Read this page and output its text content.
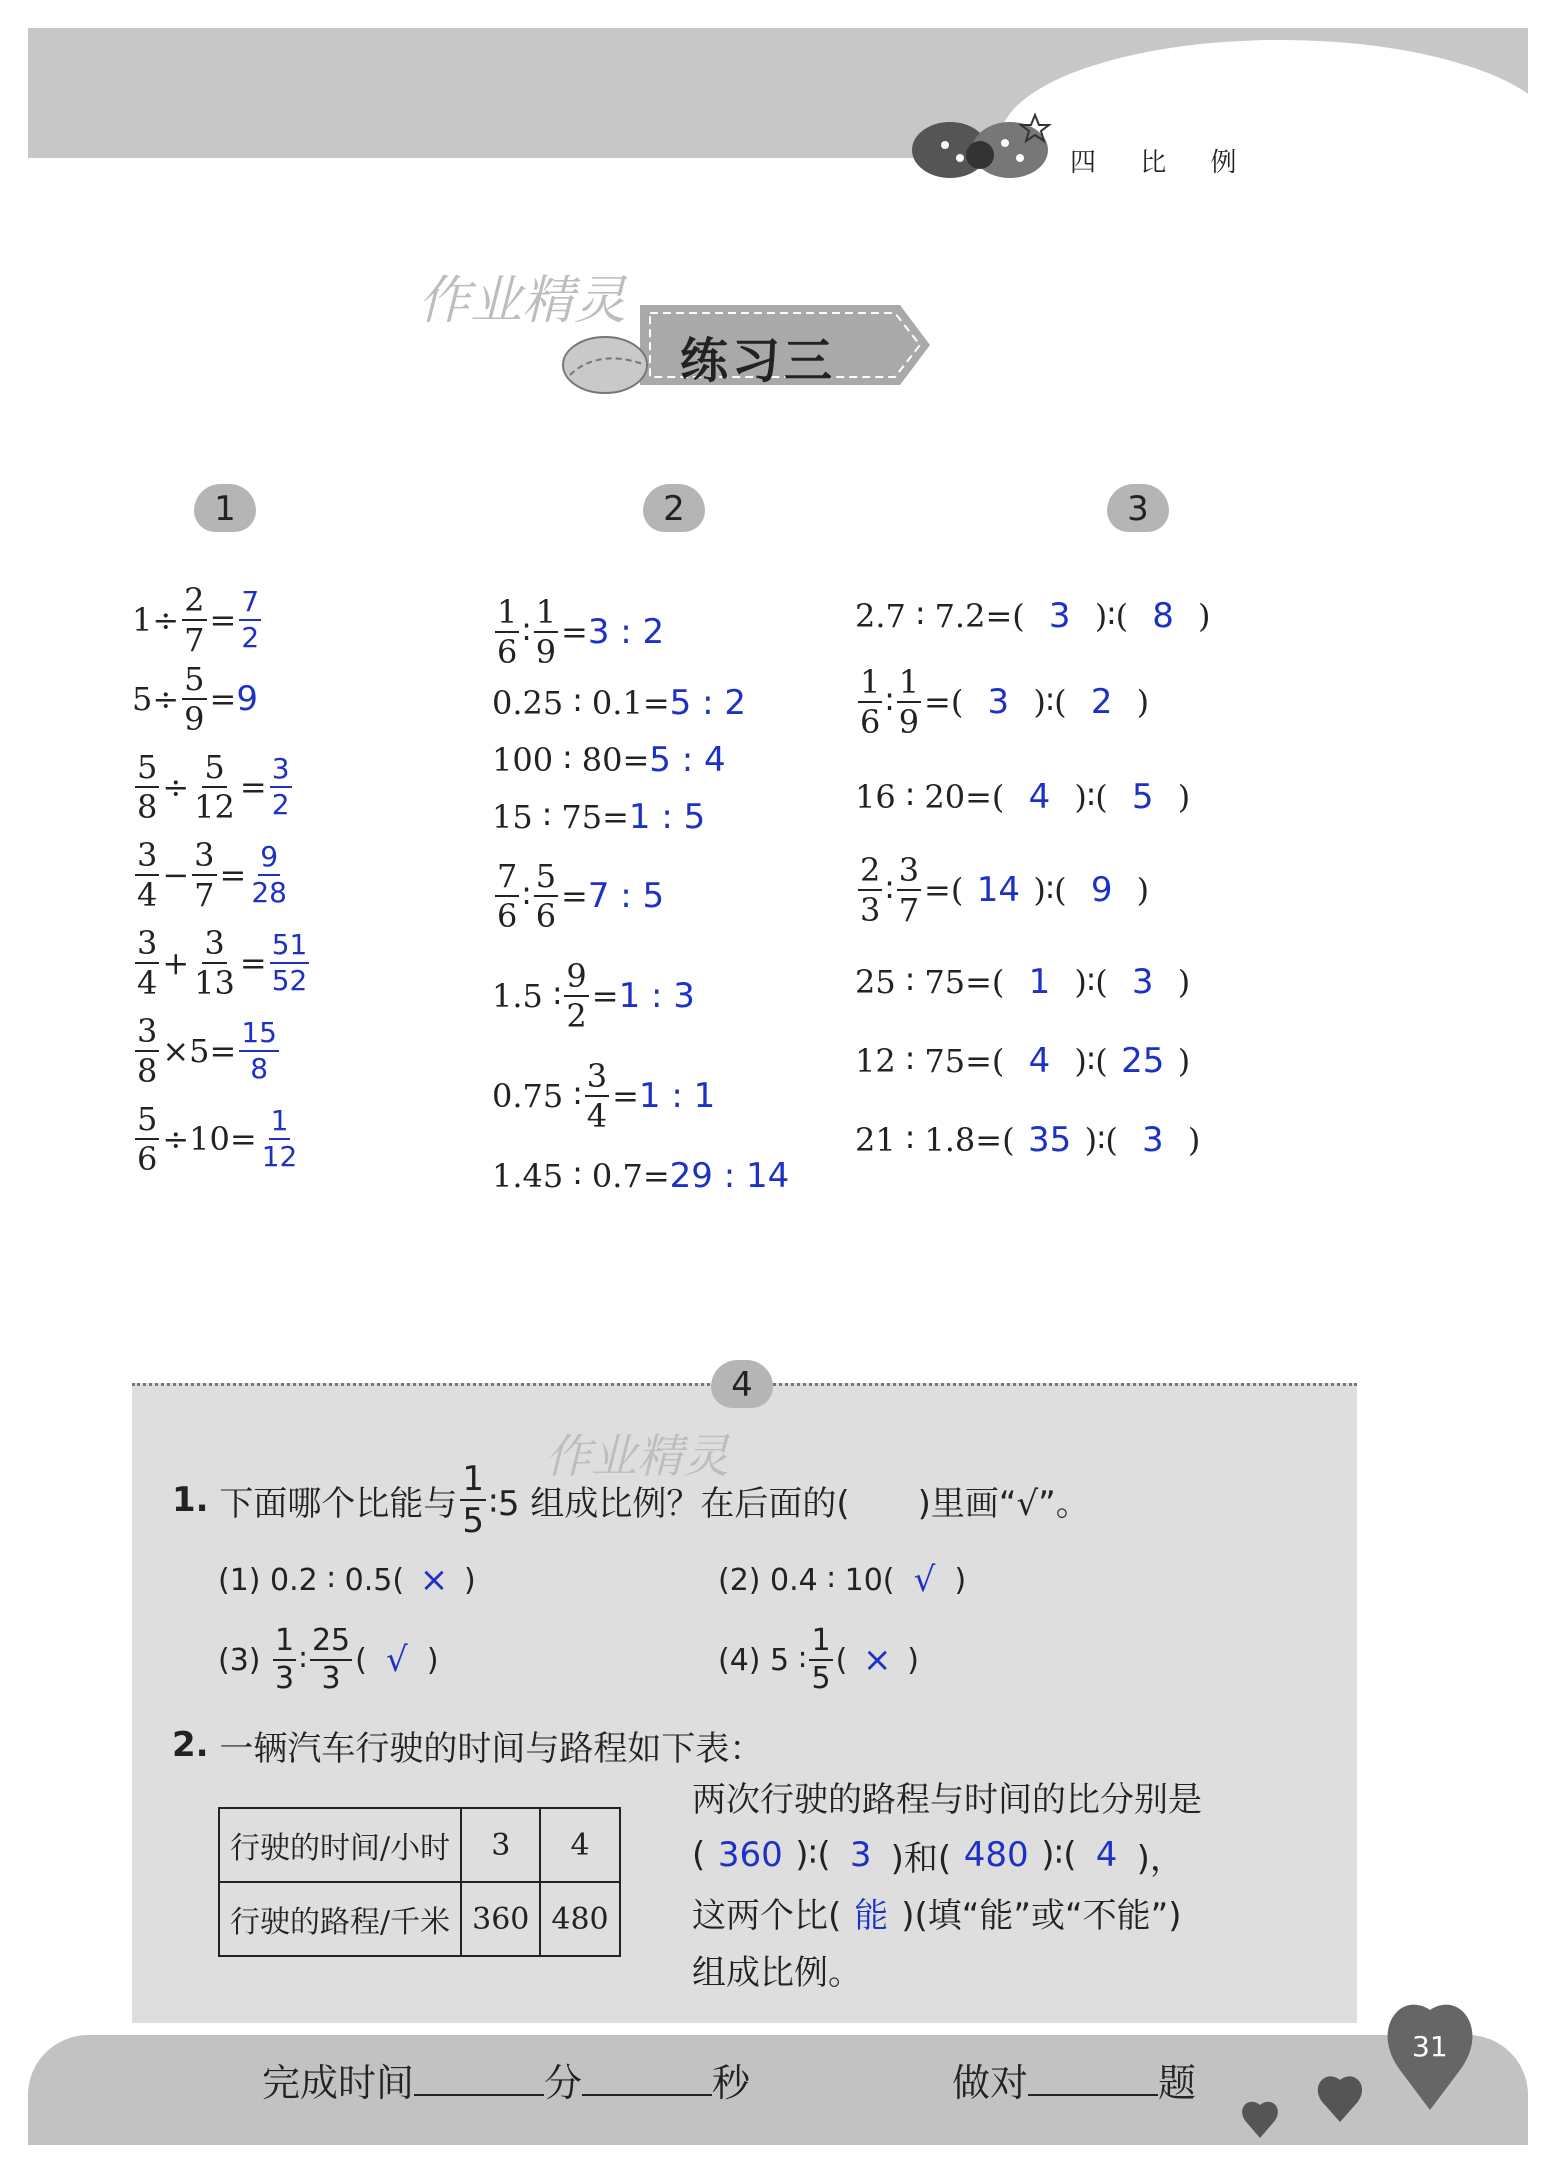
四 比 例
作业精灵
练习三
1	2	3
$1\div \frac{2}{7} = \frac{7}{2}$
$5\div \frac{5}{9} = 9$
$\frac{5}{8} \div \frac{5}{12} = \frac{3}{2}$
$\frac{3}{4} - \frac{3}{7} = \frac{9}{28}$
$\frac{3}{4} + \frac{3}{13} = \frac{51}{52}$
$\frac{3}{8} \times 5 = \frac{15}{8}$
$\frac{5}{6} \div 10 = \frac{1}{12}$
$\frac{1}{6}$ ∶ $\frac{1}{9} = 3$ : 2
0.25 ∶ 0.1 = 5 : 2
100 ∶ 80 = 5 : 4
15 ∶ 75 = 1 : 5
$\frac{7}{6}$ ∶ $\frac{5}{6} = 7$ : 5
1.5 ∶ $\frac{9}{2} = 1$ : 3
0.75 ∶ $\frac{3}{4} = 1$ : 1
1.45 ∶ 0.7 = 29 : 14
2.7 ∶ 7.2 =( 3 )∶( 8 )
$\frac{1}{6}$ ∶ $\frac{1}{9}$ =( 3 )∶( 2 )
16 ∶ 20 =( 4 )∶( 5 )
$\frac{2}{3}$ ∶ $\frac{3}{7}$ =( 14 )∶( 9 )
25 ∶ 75 =( 1 )∶( 3 )
12 ∶ 75 =( 4 )∶( 25 )
21 ∶ 1.8 =( 35 )∶( 3 )
4
作业精灵
1.
下面哪个比能与 $\frac{1}{5}$ ∶5 组成比例？在后面的(　　)里画“√”。
(1) 0.2 ∶ 0.5( × )	(2) 0.4 ∶ 10( √ )
(3)
$\frac{1}{3}$ ∶ $\frac{25}{3}$ ( √ )	(4) 5 ∶ $\frac{1}{5}$ ( × )
2.
一辆汽车行驶的时间与路程如下表：
行驶的时间/小时	3	4
行驶的路程/千米	360	480
两次行驶的路程与时间的比分别是
( 360 )∶( 3 )和( 480 )∶( 4 )，
这两个比( 能 )(填“能”或“不能”)
组成比例。
完成时间	分	秒	做对	题
31
